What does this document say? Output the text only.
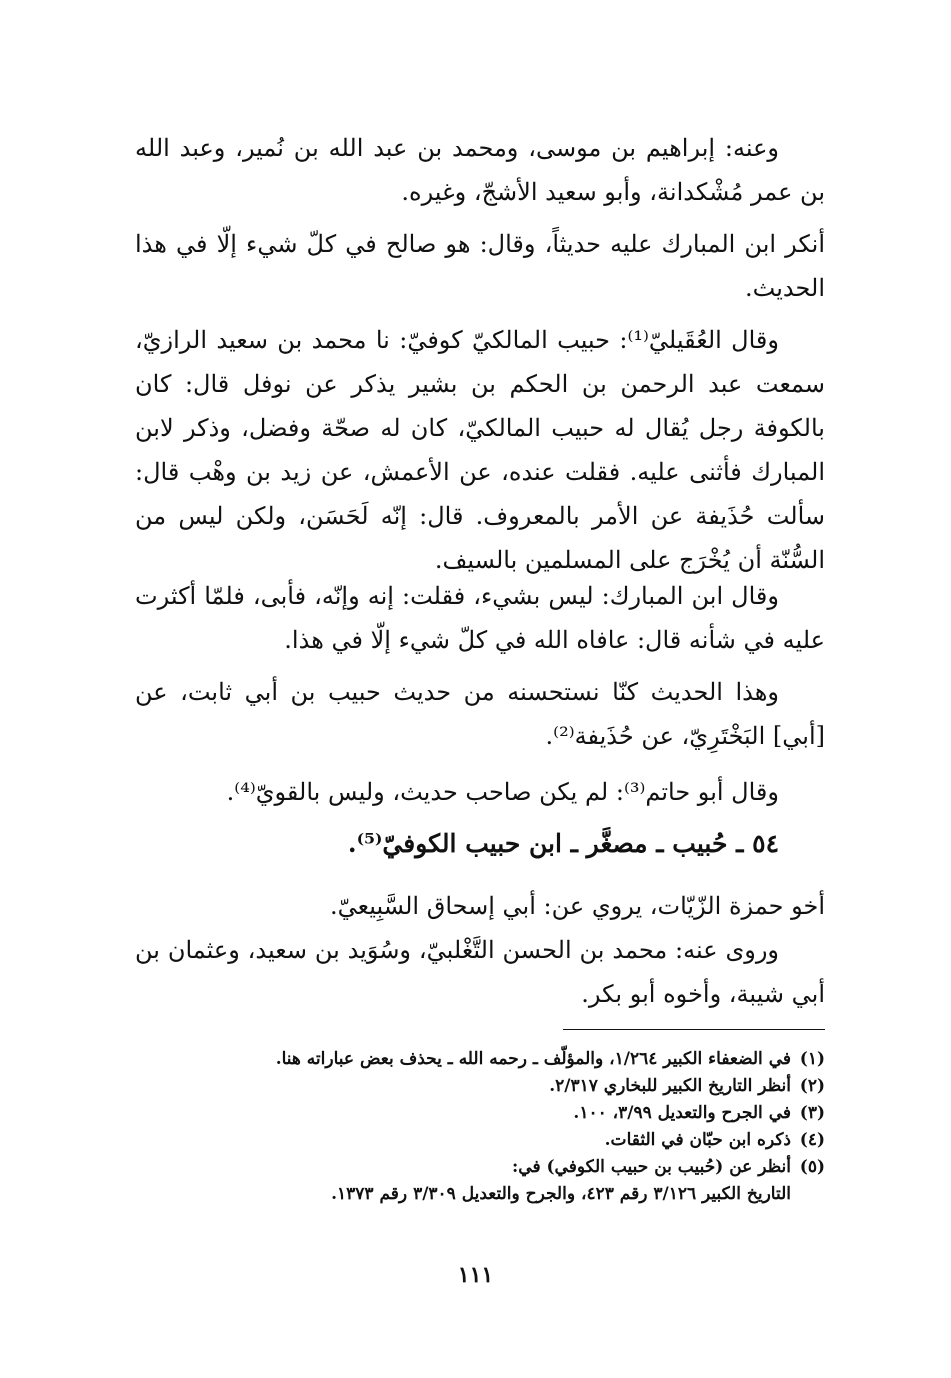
وعنه: إبراهيم بن موسى، ومحمد بن عبد الله بن نُمير، وعبد الله بن عمر مُشْكدانة، وأبو سعيد الأشجّ، وغيره.

أنكر ابن المبارك عليه حديثاً، وقال: هو صالح في كلّ شيء إلّا في هذا الحديث.

وقال العُقَيليّ⁽¹⁾: حبيب المالكيّ كوفيّ: نا محمد بن سعيد الرازيّ، سمعت عبد الرحمن بن الحكم بن بشير يذكر عن نوفل قال: كان بالكوفة رجل يُقال له حبيب المالكيّ، كان له صحّة وفضل، وذكر لابن المبارك فأثنى عليه. فقلت عنده، عن الأعمش، عن زيد بن وهْب قال: سألت حُذَيفة عن الأمر بالمعروف. قال: إنّه لَحَسَن، ولكن ليس من السُّنّة أن يُخْرَج على المسلمين بالسيف.

وقال ابن المبارك: ليس بشيء، فقلت: إنه وإنّه، فأبى، فلمّا أكثرت عليه في شأنه قال: عافاه الله في كلّ شيء إلّا في هذا.

وهذا الحديث كنّا نستحسنه من حديث حبيب بن أبي ثابت، عن [أبي] البَخْتَرِيّ، عن حُذَيفة⁽²⁾.

وقال أبو حاتم⁽³⁾: لم يكن صاحب حديث، وليس بالقويّ⁽⁴⁾.

٥٤ ـ حُبيب ـ مصغَّر ـ ابن حبيب الكوفيّ⁽⁵⁾.

أخو حمزة الزّيّات، يروي عن: أبي إسحاق السَّبِيعيّ.

وروى عنه: محمد بن الحسن التَّغْلبيّ، وسُوَيد بن سعيد، وعثمان بن أبي شيبة، وأخوه أبو بكر.

(١)في الضعفاء الكبير ١/٢٦٤، والمؤلّف ـ رحمه الله ـ يحذف بعض عباراته هنا.

(٢)أنظر التاريخ الكبير للبخاري ٢/٣١٧.

(٣)في الجرح والتعديل ٣/٩٩، ١٠٠.

(٤)ذكره ابن حبّان في الثقات.

(٥)أنظر عن (حُبيب بن حبيب الكوفي) في:

التاريخ الكبير ٣/١٢٦ رقم ٤٢٣، والجرح والتعديل ٣/٣٠٩ رقم ١٣٧٣.

١١١
